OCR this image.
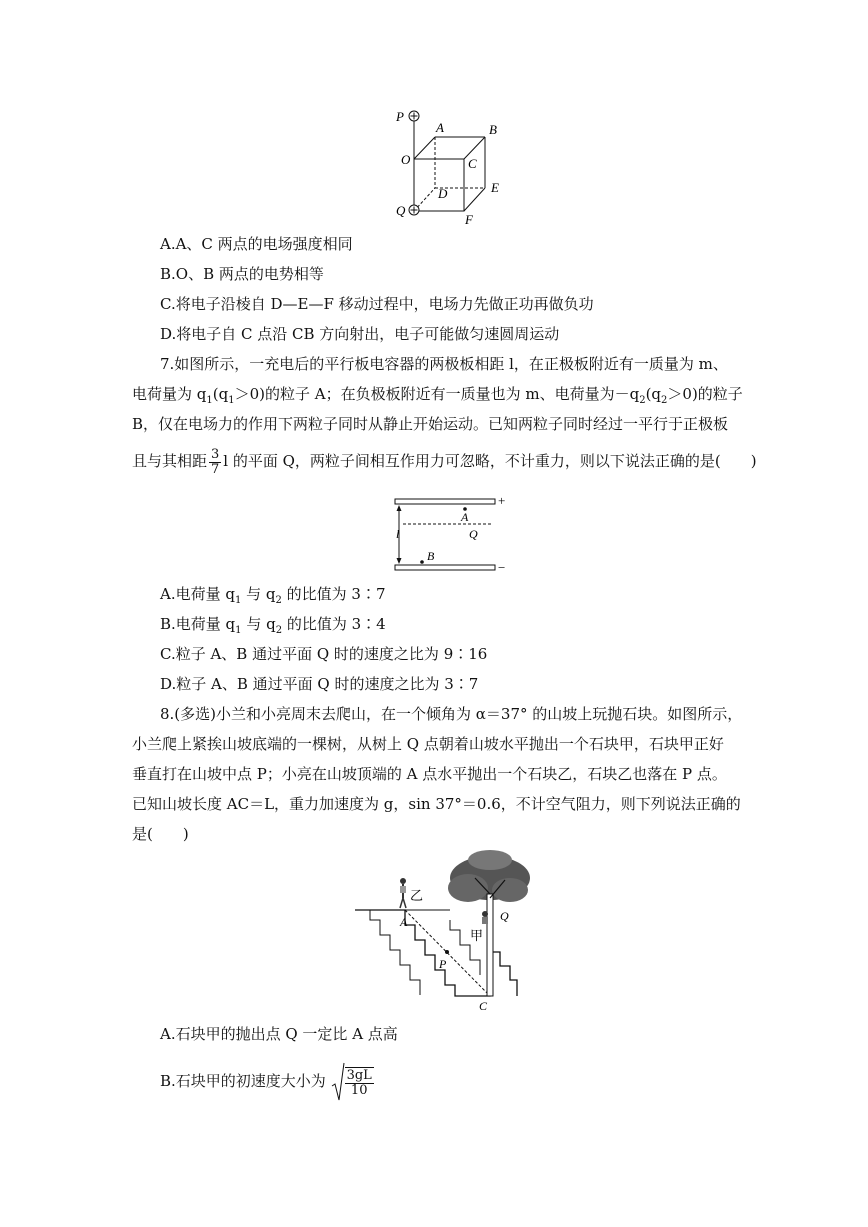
P
A	B
O	C
D	E
Q
F
A.A、C 两点的电场强度相同
B.O、B 两点的电势相等
C.将电子沿棱自 D—E—F 移动过程中，电场力先做正功再做负功
D.将电子自 C 点沿 CB 方向射出，电子可能做匀速圆周运动
7.如图所示，一充电后的平行板电容器的两极板相距 l，在正极板附近有一质量为 m、
电荷量为 $q_1(q_1>0)$的粒子 A；在负极板附近有一质量也为 m、电荷量为$-q_2(q_2>0)$的粒子
B，仅在电场力的作用下两粒子同时从静止开始运动。已知两粒子同时经过一平行于正极板
且与其相距 $\frac{3}{7}$ l 的平面 Q，两粒子间相互作用力可忽略，不计重力，则以下说法正确的是(　　)
+
−
A
Q
l
B
A.电荷量 $q_1$ 与 $q_2$ 的比值为 3∶7
B.电荷量 $q_1$ 与 $q_2$ 的比值为 3∶4
C.粒子 A、B 通过平面 Q 时的速度之比为 9∶16
D.粒子 A、B 通过平面 Q 时的速度之比为 3∶7
8.(多选)小兰和小亮周末去爬山，在一个倾角为 α＝37° 的山坡上玩抛石块。如图所示，
小兰爬上紧挨山坡底端的一棵树，从树上 Q 点朝着山坡水平抛出一个石块甲，石块甲正好
垂直打在山坡中点 P；小亮在山坡顶端的 A 点水平抛出一个石块乙，石块乙也落在 P 点。
已知山坡长度 AC＝L，重力加速度为 g，sin 37°＝0.6，不计空气阻力，则下列说法正确的
是(　　)
乙
甲
A	Q
P
C
A.石块甲的抛出点 Q 一定比 A 点高
B.石块甲的初速度大小为 $\frac{3gL}{10}$
